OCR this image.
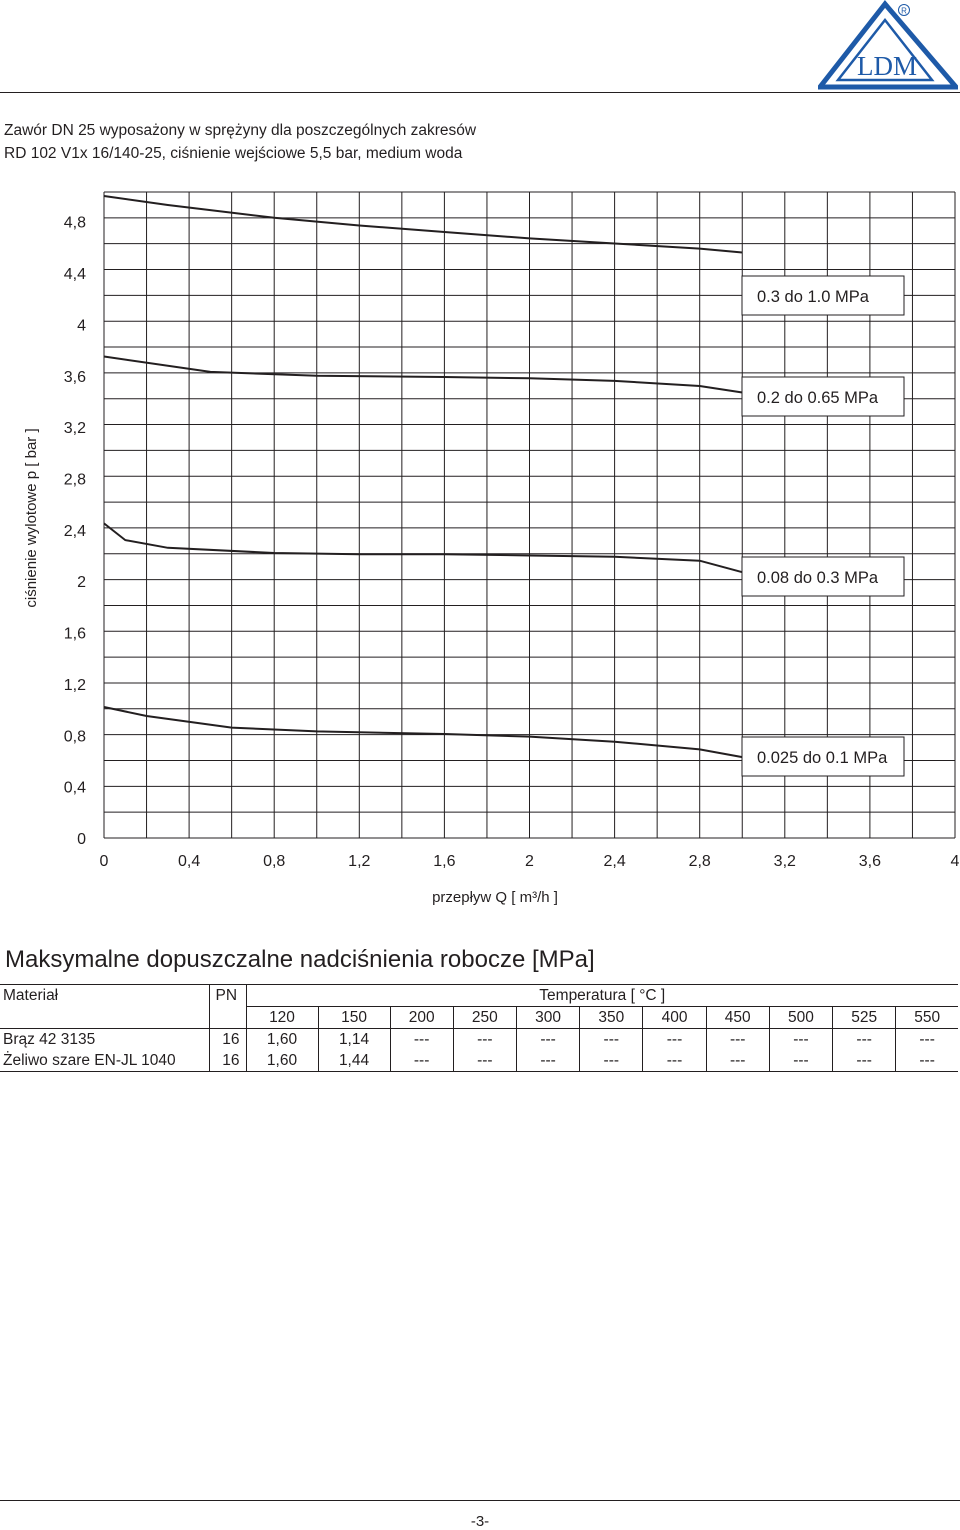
LDM
R
Zawór DN 25 wyposażony w sprężyny dla poszczególnych zakresów
RD 102 V1x 16/140-25, ciśnienie wejściowe 5,5 bar, medium woda
0
0,4
0,8
1,2
1,6
2
2,4
2,8
3,2
3,6
4
4,4
4,8
0	0,4	0,8	1,2	1,6	2	2,4	2,8	3,2	3,6	4
przepływ Q [ m³/h ]
ciśnienie wylotowe p [ bar ]
0.3 do 1.0 MPa
0.2 do 0.65 MPa
0.08 do 0.3 MPa
0.025 do 0.1 MPa
Maksymalne dopuszczalne nadciśnienia robocze [MPa]
Materiał	PN	Temperatura [ °C ]										
		120	150	200	250	300	350	400	450	500	525	550
Brąz 42 3135	16	1,60	1,14	---	---	---	---	---	---	---	---	---
Żeliwo szare EN-JL 1040	16	1,60	1,44	---	---	---	---	---	---	---	---	---
-3-
